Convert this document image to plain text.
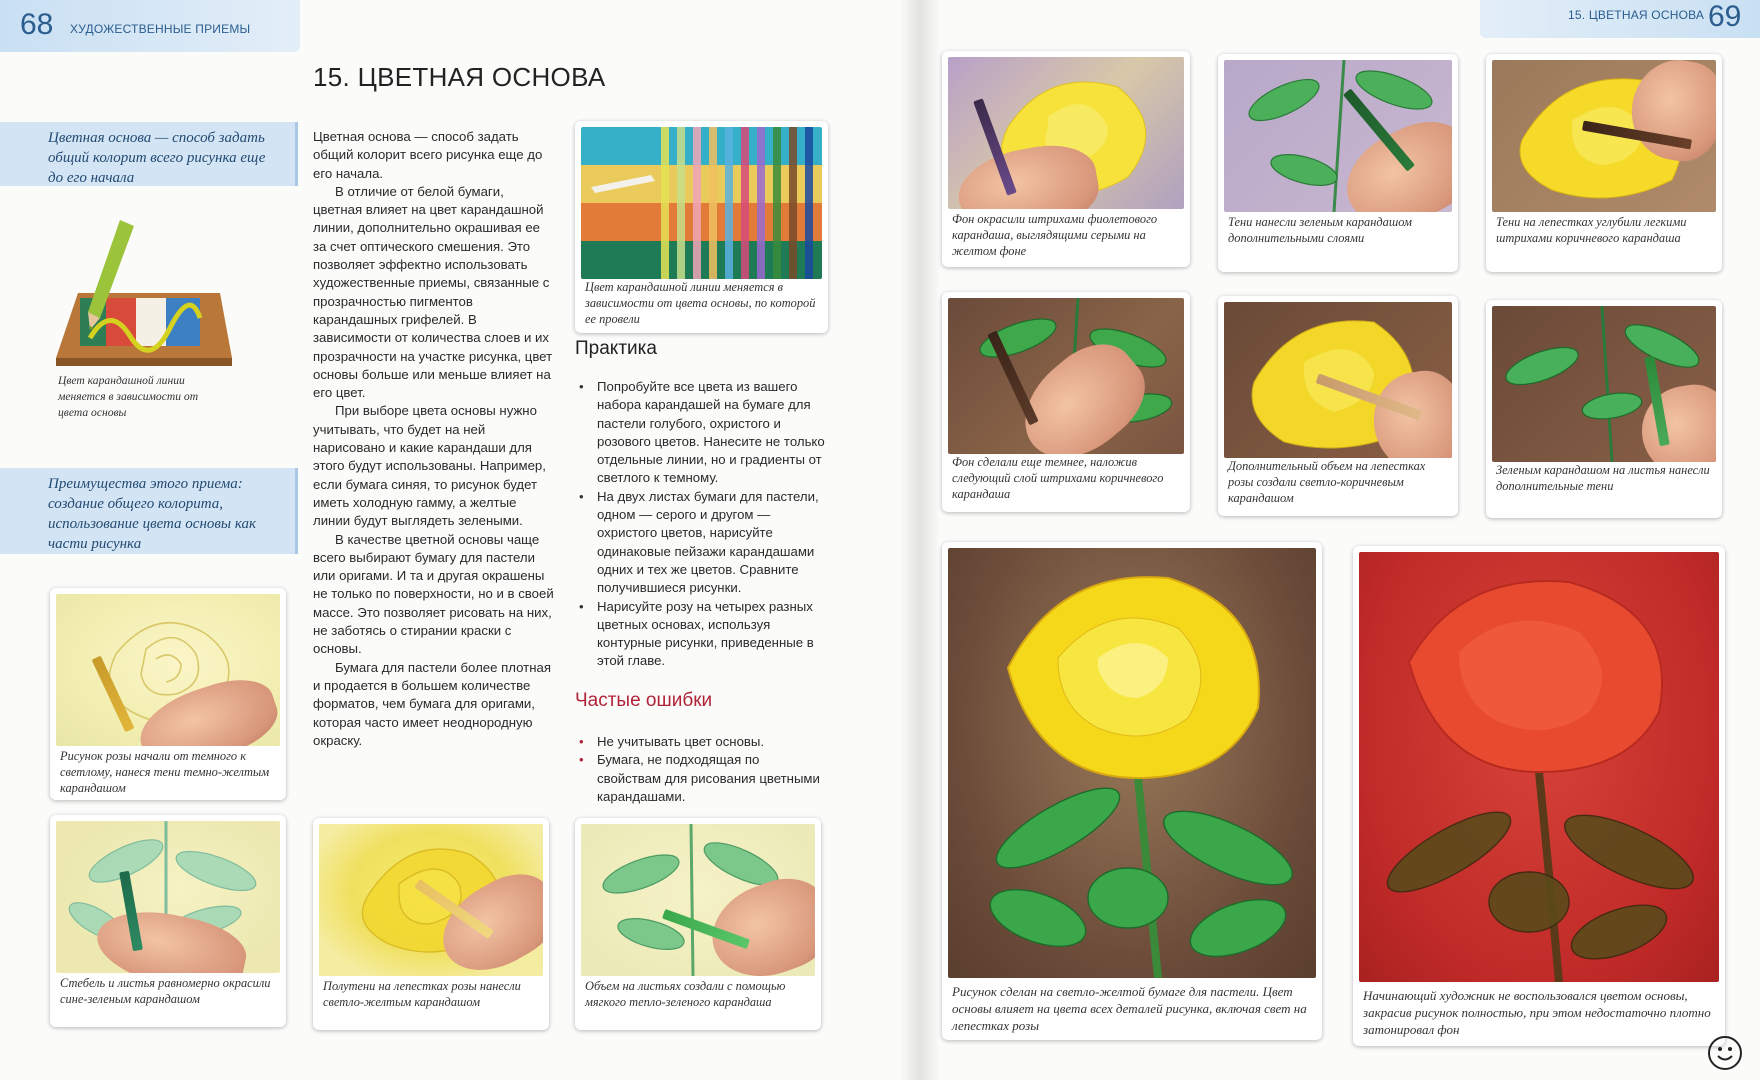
68 ХУДОЖЕСТВЕННЫЕ ПРИЕМЫ
15. ЦВЕТНАЯ ОСНОВА 69
15. ЦВЕТНАЯ ОСНОВА
Цветная основа — способ задать общий колорит всего рисунка еще до его начала
Преимущества этого приема: создание общего колорита, использование цвета основы как части рисунка
Цвет карандашной линии меняется в зависимости от цвета основы

Цветная основа — способ задать общий колорит всего рисунка еще до его начала.

В отличие от белой бумаги, цветная влияет на цвет карандашной линии, дополнительно окрашивая ее за счет оптического смешения. Это позволяет эффектно использовать художественные приемы, связанные с прозрачностью пигментов карандашных грифелей. В зависимости от количества слоев и их прозрачности на участке рисунка, цвет основы больше или меньше влияет на его цвет.

При выборе цвета основы нужно учитывать, что будет на ней нарисовано и какие карандаши для этого будут использованы. Например, если бумага синяя, то рисунок будет иметь холодную гамму, а желтые линии будут выглядеть зелеными.

В качестве цветной основы чаще всего выбирают бумагу для пастели или оригами. И та и другая окрашены не только по поверхности, но и в своей массе. Это позволяет рисовать на них, не заботясь о стирании краски с основы.

Бумага для пастели более плотная и продается в большем количестве форматов, чем бумага для оригами, которая часто имеет неоднородную окраску.

Цвет карандашной линии меняется в зависимости от цвета основы, по которой ее провели
Практика
• Попробуйте все цвета из вашего набора карандашей на бумаге для пастели голубого, охристого и розового цветов. Нанесите не только отдельные линии, но и градиенты от светлого к темному.
• На двух листах бумаги для пастели, одном — серого и другом — охристого цветов, нарисуйте одинаковые пейзажи карандашами одних и тех же цветов. Сравните получившиеся рисунки.
• Нарисуйте розу на четырех разных цветных основах, используя контурные рисунки, приведенные в этой главе.
Частые ошибки
• Не учитывать цвет основы.
• Бумага, не подходящая по свойствам для рисования цветными карандашами.
Рисунок розы начали от темного к светлому, нанеся тени темно-желтым карандашом
Стебель и листья равномерно окрасили сине-зеленым карандашом
Полутени на лепестках розы нанесли светло-желтым карандашом
Объем на листьях создали с помощью мягкого тепло-зеленого карандаша
Фон окрасили штрихами фиолетового карандаша, выглядящими серыми на желтом фоне
Тени нанесли зеленым карандашом дополнительными слоями
Тени на лепестках углубили легкими штрихами коричневого карандаша
Фон сделали еще темнее, наложив следующий слой штрихами коричневого карандаша
Дополнительный объем на лепестках розы создали светло-коричневым карандашом
Зеленым карандашом на листья нанесли дополнительные тени
Рисунок сделан на светло-желтой бумаге для пастели. Цвет основы влияет на цвета всех деталей рисунка, включая свет на лепестках розы
Начинающий художник не воспользовался цветом основы, закрасив рисунок полностью, при этом недостаточно плотно затонировал фон
